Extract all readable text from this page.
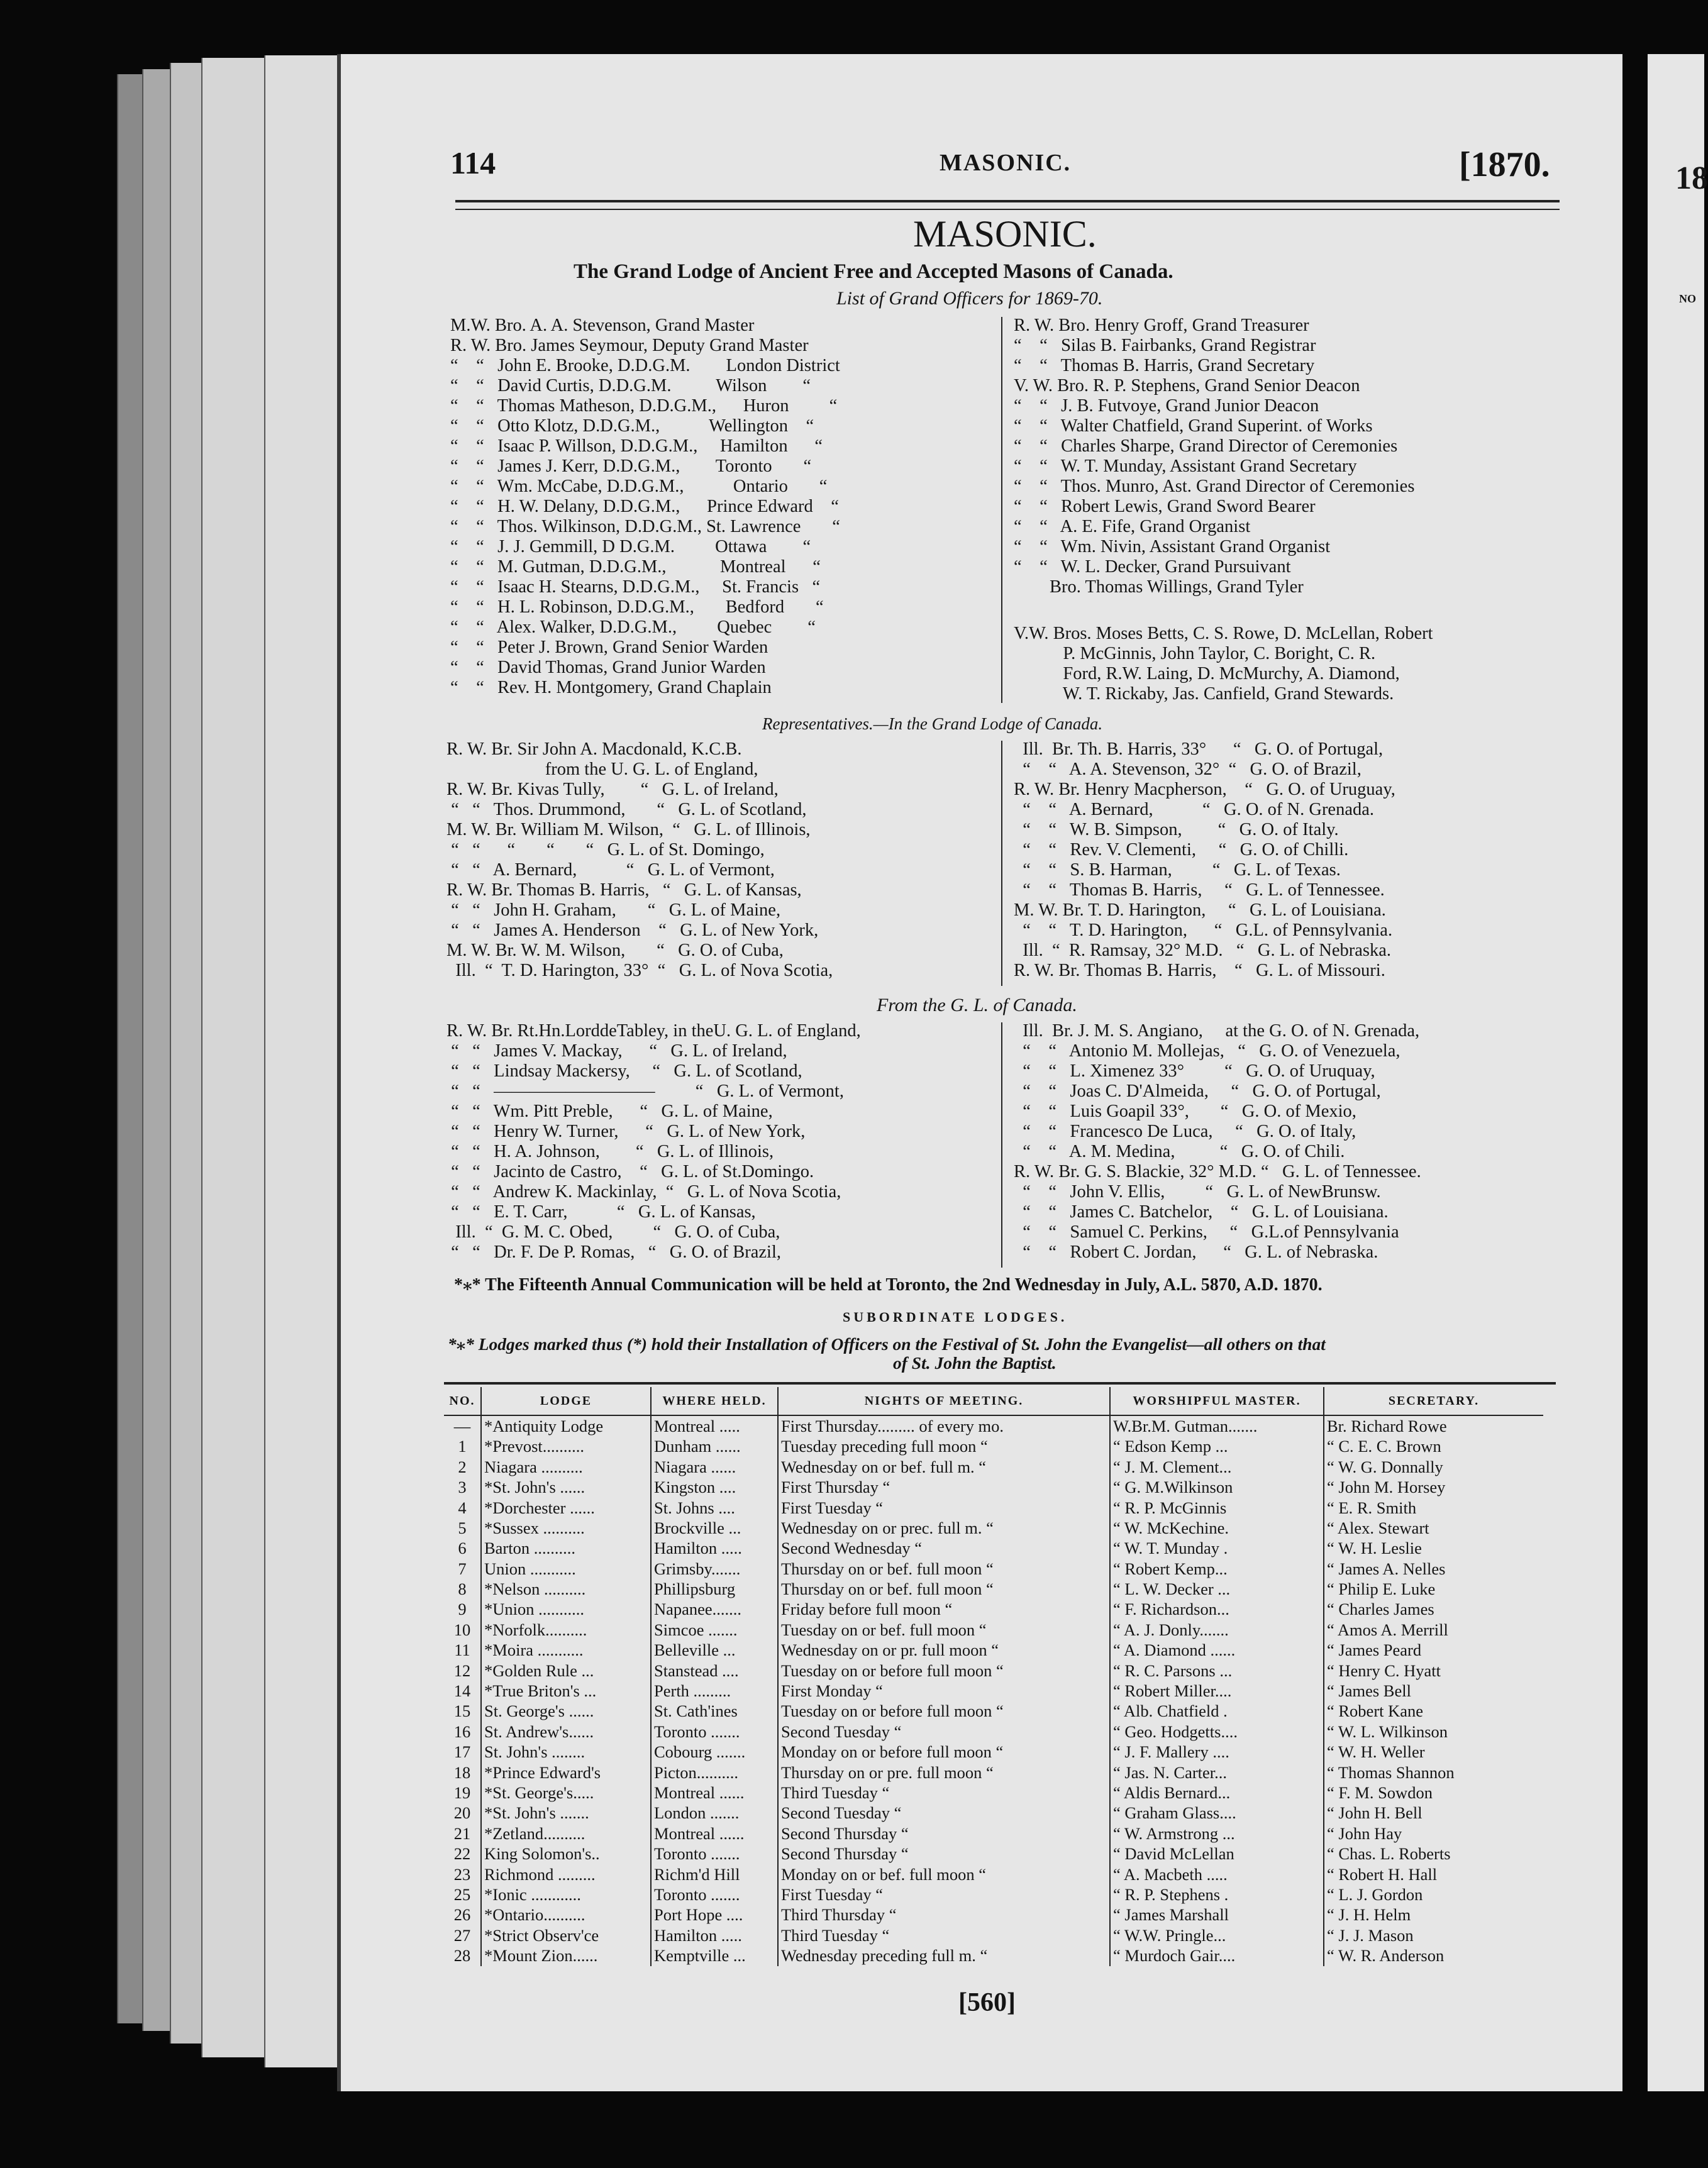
18
NO
114	MASONIC.	[1870.
MASONIC.
The Grand Lodge of Ancient Free and Accepted Masons of Canada.
List of Grand Officers for 1869-70.
M.W. Bro. A. A. Stevenson, Grand Master
R. W. Bro. James Seymour, Deputy Grand Master
“    “   John E. Brooke, D.D.G.M.        London District
“    “   David Curtis, D.D.G.M.          Wilson        “
“    “   Thomas Matheson, D.D.G.M.,      Huron         “
“    “   Otto Klotz, D.D.G.M.,           Wellington    “
“    “   Isaac P. Willson, D.D.G.M.,     Hamilton      “
“    “   James J. Kerr, D.D.G.M.,        Toronto       “
“    “   Wm. McCabe, D.D.G.M.,           Ontario       “
“    “   H. W. Delany, D.D.G.M.,      Prince Edward    “
“    “   Thos. Wilkinson, D.D.G.M., St. Lawrence       “
“    “   J. J. Gemmill, D D.G.M.         Ottawa        “
“    “   M. Gutman, D.D.G.M.,            Montreal      “
“    “   Isaac H. Stearns, D.D.G.M.,     St. Francis   “
“    “   H. L. Robinson, D.D.G.M.,       Bedford       “
“    “   Alex. Walker, D.D.G.M.,         Quebec        “
“    “   Peter J. Brown, Grand Senior Warden
“    “   David Thomas, Grand Junior Warden
“    “   Rev. H. Montgomery, Grand Chaplain
R. W. Bro. Henry Groff, Grand Treasurer
“    “   Silas B. Fairbanks, Grand Registrar
“    “   Thomas B. Harris, Grand Secretary
V. W. Bro. R. P. Stephens, Grand Senior Deacon
“    “   J. B. Futvoye, Grand Junior Deacon
“    “   Walter Chatfield, Grand Superint. of Works
“    “   Charles Sharpe, Grand Director of Ceremonies
“    “   W. T. Munday, Assistant Grand Secretary
“    “   Thos. Munro, Ast. Grand Director of Ceremonies
“    “   Robert Lewis, Grand Sword Bearer
“    “   A. E. Fife, Grand Organist
“    “   Wm. Nivin, Assistant Grand Organist
“    “   W. L. Decker, Grand Pursuivant
Bro. Thomas Willings, Grand Tyler
V.W. Bros. Moses Betts, C. S. Rowe, D. McLellan, Robert
P. McGinnis, John Taylor, C. Boright, C. R.
Ford, R.W. Laing, D. McMurchy, A. Diamond,
W. T. Rickaby, Jas. Canfield, Grand Stewards.
Representatives.—In the Grand Lodge of Canada.
R. W. Br. Sir John A. Macdonald, K.C.B.
from the U. G. L. of England,
R. W. Br. Kivas Tully,        “   G. L. of Ireland,
“   “   Thos. Drummond,       “   G. L. of Scotland,
M. W. Br. William M. Wilson,  “   G. L. of Illinois,
“   “      “       “       “   G. L. of St. Domingo,
“   “   A. Bernard,           “   G. L. of Vermont,
R. W. Br. Thomas B. Harris,   “   G. L. of Kansas,
“   “   John H. Graham,       “   G. L. of Maine,
“   “   James A. Henderson    “   G. L. of New York,
M. W. Br. W. M. Wilson,       “   G. O. of Cuba,
Ill.  “  T. D. Harington, 33°  “   G. L. of Nova Scotia,
Ill.  Br. Th. B. Harris, 33°      “   G. O. of Portugal,
“    “   A. A. Stevenson, 32°  “   G. O. of Brazil,
R. W. Br. Henry Macpherson,    “   G. O. of Uruguay,
“    “   A. Bernard,           “   G. O. of N. Grenada.
“    “   W. B. Simpson,        “   G. O. of Italy.
“    “   Rev. V. Clementi,     “   G. O. of Chilli.
“    “   S. B. Harman,         “   G. L. of Texas.
“    “   Thomas B. Harris,     “   G. L. of Tennessee.
M. W. Br. T. D. Harington,     “   G. L. of Louisiana.
“    “   T. D. Harington,      “   G.L. of Pennsylvania.
Ill.  “  R. Ramsay, 32° M.D.   “   G. L. of Nebraska.
R. W. Br. Thomas B. Harris,    “   G. L. of Missouri.
From the G. L. of Canada.
R. W. Br. Rt.Hn.LorddeTabley, in theU. G. L. of England,
“   “   James V. Mackay,      “   G. L. of Ireland,
“   “   Lindsay Mackersy,     “   G. L. of Scotland,
“   “   —————————         “   G. L. of Vermont,
“   “   Wm. Pitt Preble,      “   G. L. of Maine,
“   “   Henry W. Turner,      “   G. L. of New York,
“   “   H. A. Johnson,        “   G. L. of Illinois,
“   “   Jacinto de Castro,    “   G. L. of St.Domingo.
“   “   Andrew K. Mackinlay,  “   G. L. of Nova Scotia,
“   “   E. T. Carr,           “   G. L. of Kansas,
Ill.  “  G. M. C. Obed,         “   G. O. of Cuba,
“   “   Dr. F. De P. Romas,   “   G. O. of Brazil,
Ill.  Br. J. M. S. Angiano,     at the G. O. of N. Grenada,
“    “   Antonio M. Mollejas,   “   G. O. of Venezuela,
“    “   L. Ximenez 33°         “   G. O. of Uruquay,
“    “   Joas C. D'Almeida,     “   G. O. of Portugal,
“    “   Luis Goapil 33°,       “   G. O. of Mexio,
“    “   Francesco De Luca,     “   G. O. of Italy,
“    “   A. M. Medina,          “   G. O. of Chili.
R. W. Br. G. S. Blackie, 32° M.D. “   G. L. of Tennessee.
“    “   John V. Ellis,         “   G. L. of NewBrunsw.
“    “   James C. Batchelor,    “   G. L. of Louisiana.
“    “   Samuel C. Perkins,     “   G.L.of Pennsylvania
“    “   Robert C. Jordan,      “   G. L. of Nebraska.
*⁎* The Fifteenth Annual Communication will be held at Toronto, the 2nd Wednesday in July, A.L. 5870, A.D. 1870.
SUBORDINATE LODGES.
*⁎* Lodges marked thus (*) hold their Installation of Officers on the Festival of St. John the Evangelist—all others on that
of St. John the Baptist.
NO.	LODGE	WHERE HELD.	NIGHTS OF MEETING.	WORSHIPFUL MASTER.	SECRETARY.
—	*Antiquity Lodge	Montreal .....	First Thursday......... of every mo.	W.Br.M. Gutman.......	Br. Richard Rowe
1	*Prevost..........	Dunham ......	Tuesday preceding full moon “	“ Edson Kemp ...	“ C. E. C. Brown
2	Niagara ..........	Niagara ......	Wednesday on or bef. full m. “	“ J. M. Clement...	“ W. G. Donnally
3	*St. John's ......	Kingston ....	First Thursday “	“ G. M.Wilkinson	“ John M. Horsey
4	*Dorchester ......	St. Johns ....	First Tuesday “	“ R. P. McGinnis	“ E. R. Smith
5	*Sussex ..........	Brockville ...	Wednesday on or prec. full m. “	“ W. McKechine.	“ Alex. Stewart
6	Barton ..........	Hamilton .....	Second Wednesday “	“ W. T. Munday .	“ W. H. Leslie
7	Union ...........	Grimsby.......	Thursday on or bef. full moon “	“ Robert Kemp...	“ James A. Nelles
8	*Nelson ..........	Phillipsburg	Thursday on or bef. full moon “	“ L. W. Decker ...	“ Philip E. Luke
9	*Union ...........	Napanee.......	Friday before full moon “	“ F. Richardson...	“ Charles James
10	*Norfolk..........	Simcoe .......	Tuesday on or bef. full moon “	“ A. J. Donly.......	“ Amos A. Merrill
11	*Moira ...........	Belleville ...	Wednesday on or pr. full moon “	“ A. Diamond ......	“ James Peard
12	*Golden Rule ...	Stanstead ....	Tuesday on or before full moon “	“ R. C. Parsons ...	“ Henry C. Hyatt
14	*True Briton's ...	Perth .........	First Monday “	“ Robert Miller....	“ James Bell
15	St. George's ......	St. Cath'ines	Tuesday on or before full moon “	“ Alb. Chatfield .	“ Robert Kane
16	St. Andrew's......	Toronto .......	Second Tuesday “	“ Geo. Hodgetts....	“ W. L. Wilkinson
17	St. John's ........	Cobourg .......	Monday on or before full moon “	“ J. F. Mallery ....	“ W. H. Weller
18	*Prince Edward's	Picton..........	Thursday on or pre. full moon “	“ Jas. N. Carter...	“ Thomas Shannon
19	*St. George's.....	Montreal ......	Third Tuesday “	“ Aldis Bernard...	“ F. M. Sowdon
20	*St. John's .......	London .......	Second Tuesday “	“ Graham Glass....	“ John H. Bell
21	*Zetland..........	Montreal ......	Second Thursday “	“ W. Armstrong ...	“ John Hay
22	King Solomon's..	Toronto .......	Second Thursday “	“ David McLellan	“ Chas. L. Roberts
23	Richmond .........	Richm'd Hill	Monday on or bef. full moon “	“ A. Macbeth .....	“ Robert H. Hall
25	*Ionic ............	Toronto .......	First Tuesday “	“ R. P. Stephens .	“ L. J. Gordon
26	*Ontario..........	Port Hope ....	Third Thursday “	“ James Marshall	“ J. H. Helm
27	*Strict Observ'ce	Hamilton .....	Third Tuesday “	“ W.W. Pringle...	“ J. J. Mason
28	*Mount Zion......	Kemptville ...	Wednesday preceding full m. “	“ Murdoch Gair....	“ W. R. Anderson
[560]
